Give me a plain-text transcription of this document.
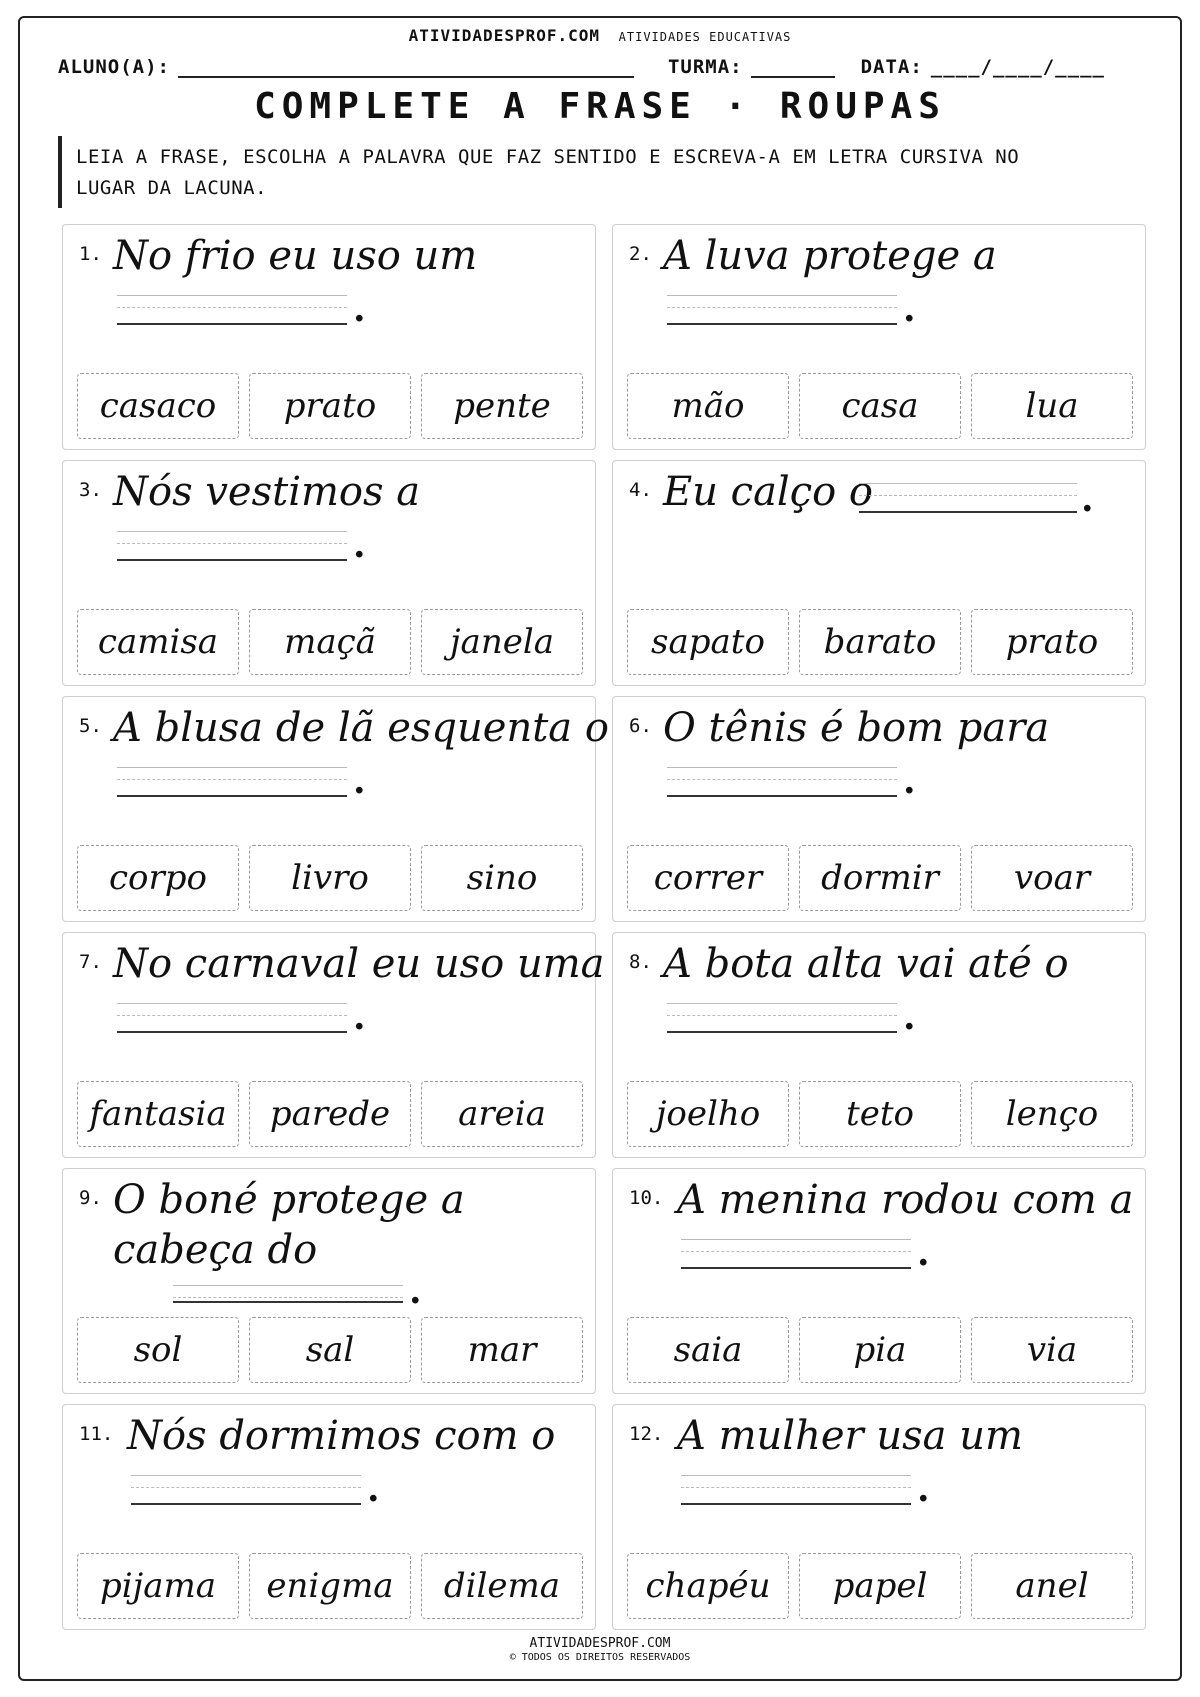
ATIVIDADESPROF.COM ATIVIDADES EDUCATIVAS
ALUNO(A):	TURMA:	DATA: ____/____/____
COMPLETE A FRASE · ROUPAS
LEIA A FRASE, ESCOLHA A PALAVRA QUE FAZ SENTIDO E ESCREVA-A EM LETRA CURSIVA NO LUGAR DA LACUNA.
1. No frio eu uso um
.
casaco	prato	pente
2. A luva protege a
.
mão	casa	lua
3. Nós vestimos a
.
camisa	maçã	janela
4. Eu calço o	.
sapato	barato	prato
5. A blusa de lã esquenta o
.
corpo	livro	sino
6. O tênis é bom para
.
correr	dormir	voar
7. No carnaval eu uso uma
.
fantasia	parede	areia
8. A bota alta vai até o
.
joelho	teto	lenço
9. O boné protege a cabeça do
.
sol	sal	mar
10. A menina rodou com a
.
saia	pia	via
11. Nós dormimos com o
.
pijama	enigma	dilema
12. A mulher usa um
.
chapéu	papel	anel
ATIVIDADESPROF.COM
© TODOS OS DIREITOS RESERVADOS
